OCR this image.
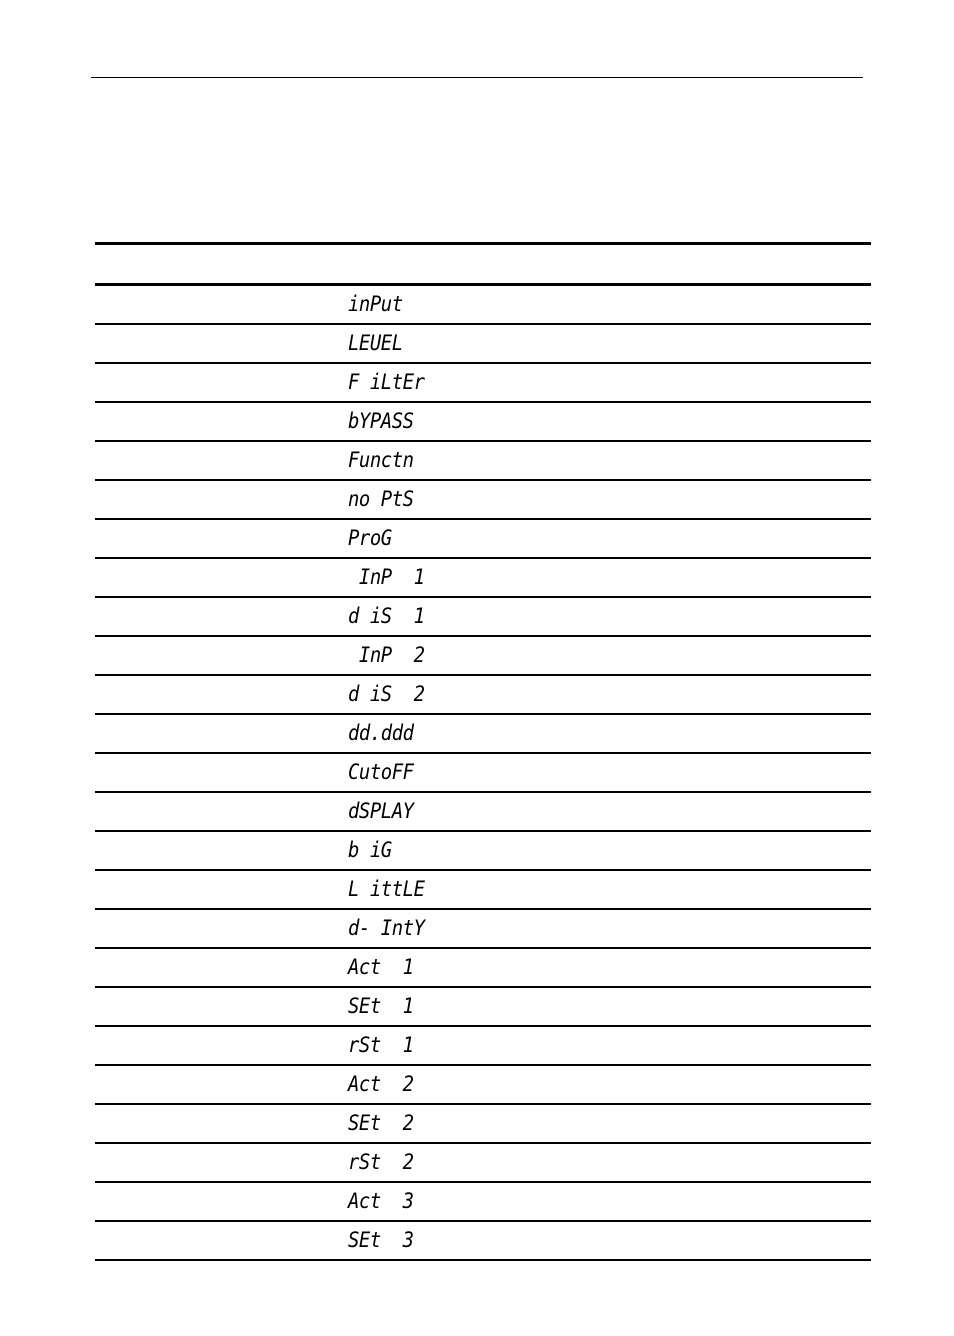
inPut
LEUEL
F iLtEr
bYPASS
Functn
no PtS
ProG
InP  1
d iS  1
InP  2
d iS  2
dd.ddd
CutoFF
dSPLAY
b iG
L ittLE
d- IntY
Act  1
SEt  1
rSt  1
Act  2
SEt  2
rSt  2
Act  3
SEt  3
